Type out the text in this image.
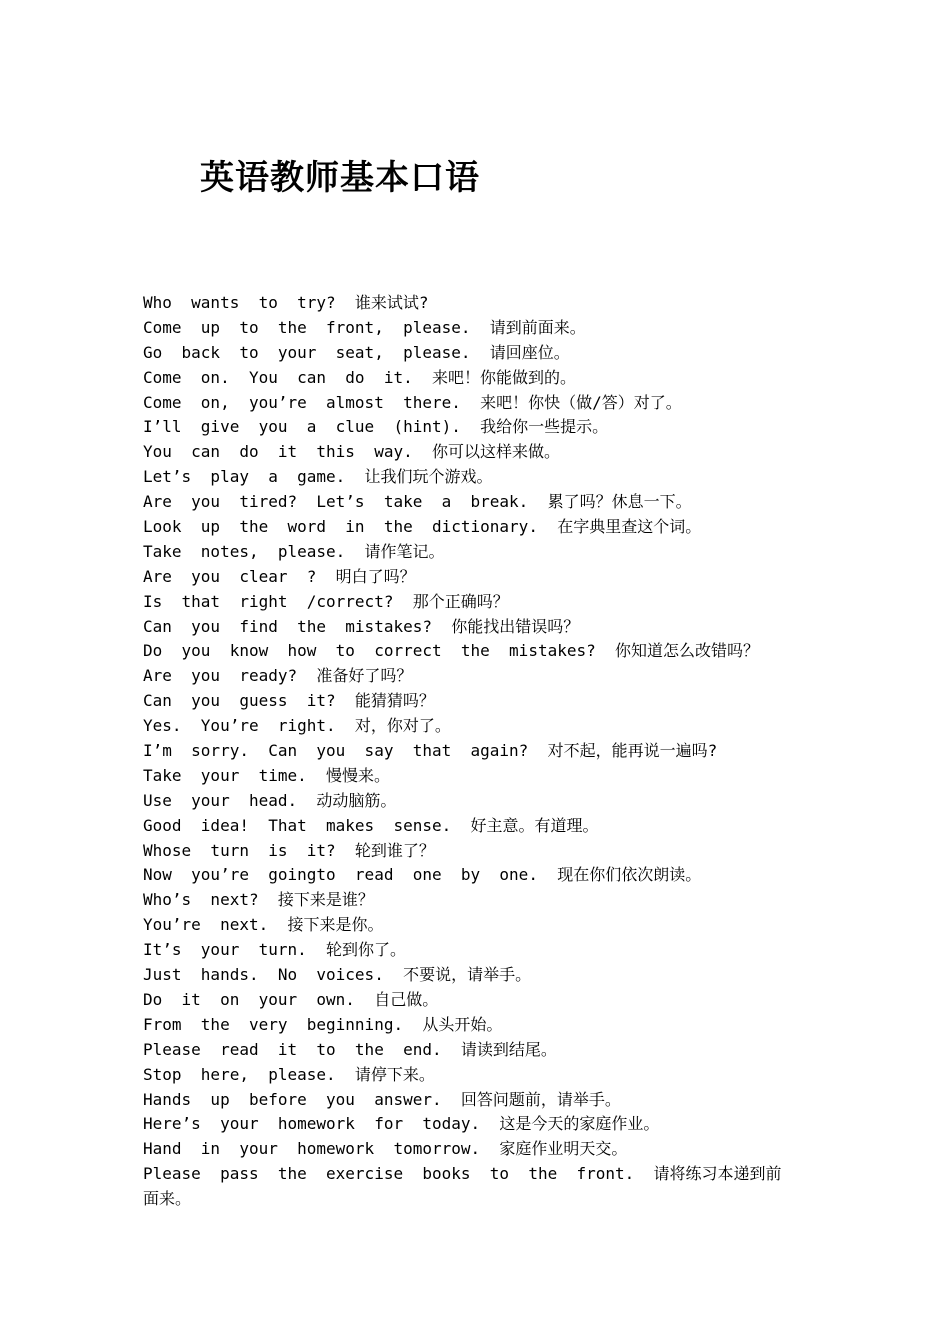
英语教师基本口语
Who  wants  to  try?  谁来试试?
Come  up  to  the  front,  please.  请到前面来。
Go  back  to  your  seat,  please.  请回座位。
Come  on.  You  can  do  it.  来吧！你能做到的。
Come  on,  you’re  almost  there.  来吧！你快（做/答）对了。
I’ll  give  you  a  clue  (hint).  我给你一些提示。
You  can  do  it  this  way.  你可以这样来做。
Let’s  play  a  game.  让我们玩个游戏。
Are  you  tired?  Let’s  take  a  break.  累了吗？休息一下。
Look  up  the  word  in  the  dictionary.  在字典里查这个词。
Take  notes,  please.  请作笔记。
Are  you  clear  ?  明白了吗？
Is  that  right  /correct?  那个正确吗？
Can  you  find  the  mistakes?  你能找出错误吗？
Do  you  know  how  to  correct  the  mistakes?  你知道怎么改错吗？
Are  you  ready?  准备好了吗？
Can  you  guess  it?  能猜猜吗？
Yes.  You’re  right.  对，你对了。
I’m  sorry.  Can  you  say  that  again?  对不起，能再说一遍吗?
Take  your  time.  慢慢来。
Use  your  head.  动动脑筋。
Good  idea!  That  makes  sense.  好主意。有道理。
Whose  turn  is  it?  轮到谁了？
Now  you’re  goingto  read  one  by  one.  现在你们依次朗读。
Who’s  next?  接下来是谁？
You’re  next.  接下来是你。
It’s  your  turn.  轮到你了。
Just  hands.  No  voices.  不要说，请举手。
Do  it  on  your  own.  自己做。
From  the  very  beginning.  从头开始。
Please  read  it  to  the  end.  请读到结尾。
Stop  here,  please.  请停下来。
Hands  up  before  you  answer.  回答问题前，请举手。
Here’s  your  homework  for  today.  这是今天的家庭作业。
Hand  in  your  homework  tomorrow.  家庭作业明天交。
Please  pass  the  exercise  books  to  the  front.  请将练习本递到前
面来。
